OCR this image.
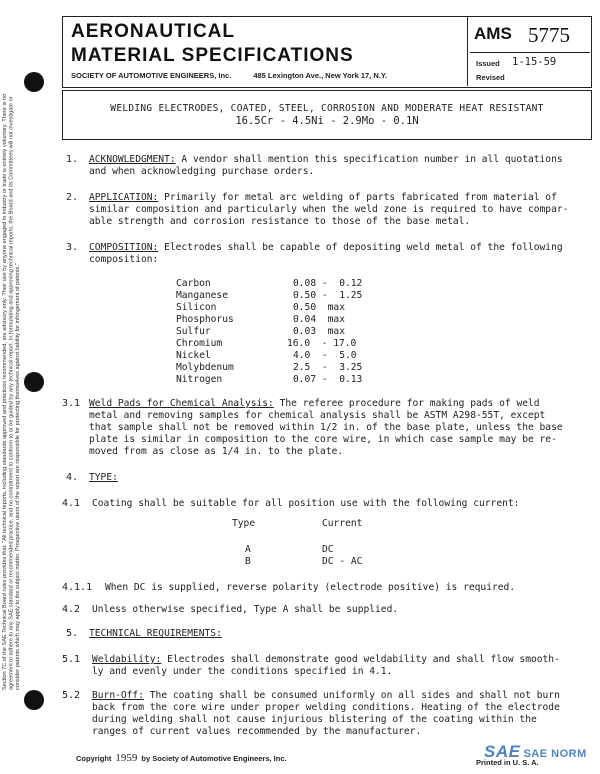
Section 7C of the SAE Technical Board rules provides that: "All technical reports, including standards approved and practices recommended, are advisory only. Their use by anyone engaged in industry or trade is entirely voluntary. There is no agreement to adhere to any SAE standard or recommended practice, and no commitment to conform to or be guided by any technical report. In formulating and approving technical reports, the Board and its Committees will not investigate or consider patents which may apply to the subject matter. Prospective users of the report are responsible for protecting themselves against liability for infringement of patents."
AERONAUTICAL
MATERIAL SPECIFICATIONS
SOCIETY OF AUTOMOTIVE ENGINEERS, Inc.	485 Lexington Ave., New York 17, N.Y.
AMS 5775
Issued 1-15-59
Revised
WELDING ELECTRODES, COATED, STEEL, CORROSION AND MODERATE HEAT RESISTANT
16.5Cr - 4.5Ni - 2.9Mo - 0.1N
1. ACKNOWLEDGMENT: A vendor shall mention this specification number in all quotations
and when acknowledging purchase orders.
2. APPLICATION: Primarily for metal arc welding of parts fabricated from material of
similar composition and particularly when the weld zone is required to have compar-
able strength and corrosion resistance to those of the base metal.
3. COMPOSITION: Electrodes shall be capable of depositing weld metal of the following
composition:
Carbon	0.08 -  0.12
Manganese	0.50 -  1.25
Silicon	0.50  max
Phosphorus	0.04  max
Sulfur	0.03  max
Chromium	16.0  - 17.0
Nickel	4.0  -  5.0
Molybdenum	2.5  -  3.25
Nitrogen	0.07 -  0.13
3.1 Weld Pads for Chemical Analysis: The referee procedure for making pads of weld
metal and removing samples for chemical analysis shall be ASTM A298-55T, except
that sample shall not be removed within 1/2 in. of the base plate, unless the base
plate is similar in composition to the core wire, in which case sample may be re-
moved from as close as 1/4 in. to the plate.
4. TYPE:
4.1 Coating shall be suitable for all position use with the following current:
Type	Current
A	DC
B	DC - AC
4.1.1 When DC is supplied, reverse polarity (electrode positive) is required.
4.2 Unless otherwise specified, Type A shall be supplied.
5. TECHNICAL REQUIREMENTS:
5.1 Weldability: Electrodes shall demonstrate good weldability and shall flow smooth-
ly and evenly under the conditions specified in 4.1.
5.2 Burn-Off: The coating shall be consumed uniformly on all sides and shall not burn
back from the core wire under proper welding conditions. Heating of the electrode
during welding shall not cause injurious blistering of the coating within the
ranges of current values recommended by the manufacturer.
Copyright 1959 by Society of Automotive Engineers, Inc.	Printed in U. S. A.
SAE SAE NORM
